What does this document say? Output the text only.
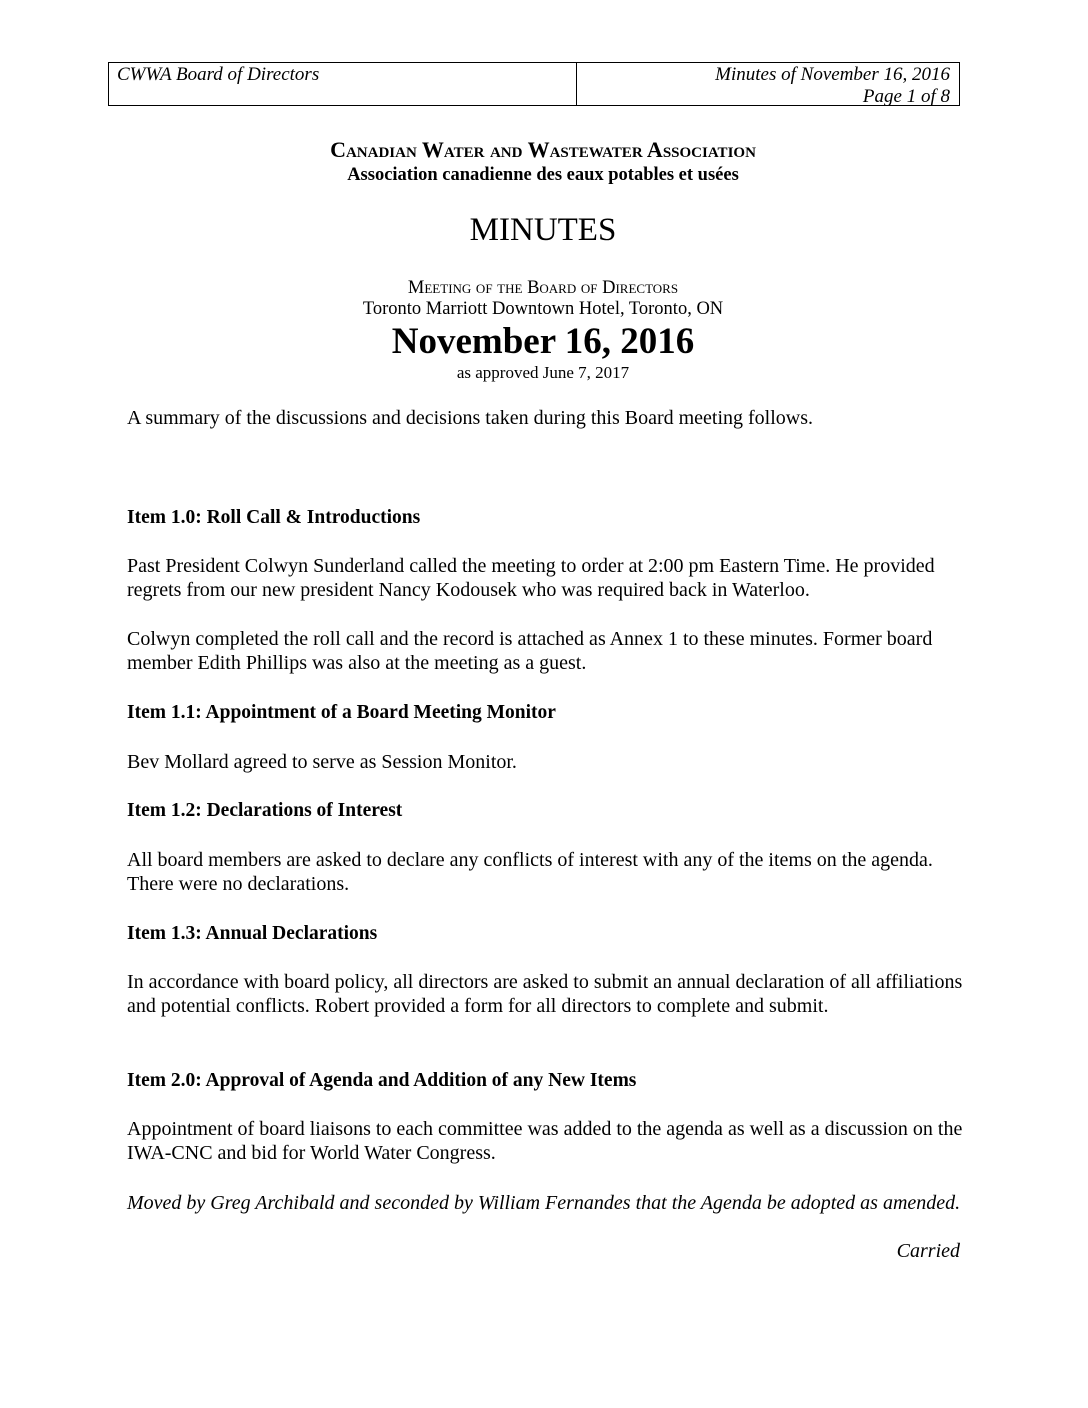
CWWA Board of Directors	Minutes of November 16, 2016
Page 1 of 8
Canadian Water and Wastewater Association
Association canadienne des eaux potables et usées
MINUTES
Meeting of the Board of Directors
Toronto Marriott Downtown Hotel, Toronto, ON
November 16, 2016
as approved June 7, 2017

A summary of the discussions and decisions taken during this Board meeting follows.

Item 1.0: Roll Call & Introductions

Past President Colwyn Sunderland called the meeting to order at 2:00 pm Eastern Time. He provided regrets from our new president Nancy Kodousek who was required back in Waterloo.

Colwyn completed the roll call and the record is attached as Annex 1 to these minutes. Former board member Edith Phillips was also at the meeting as a guest.

Item 1.1: Appointment of a Board Meeting Monitor

Bev Mollard agreed to serve as Session Monitor.

Item 1.2: Declarations of Interest

All board members are asked to declare any conflicts of interest with any of the items on the agenda. There were no declarations.

Item 1.3: Annual Declarations

In accordance with board policy, all directors are asked to submit an annual declaration of all affiliations and potential conflicts. Robert provided a form for all directors to complete and submit.

Item 2.0: Approval of Agenda and Addition of any New Items

Appointment of board liaisons to each committee was added to the agenda as well as a discussion on the IWA-CNC and bid for World Water Congress.

Moved by Greg Archibald and seconded by William Fernandes that the Agenda be adopted as amended.

Carried
